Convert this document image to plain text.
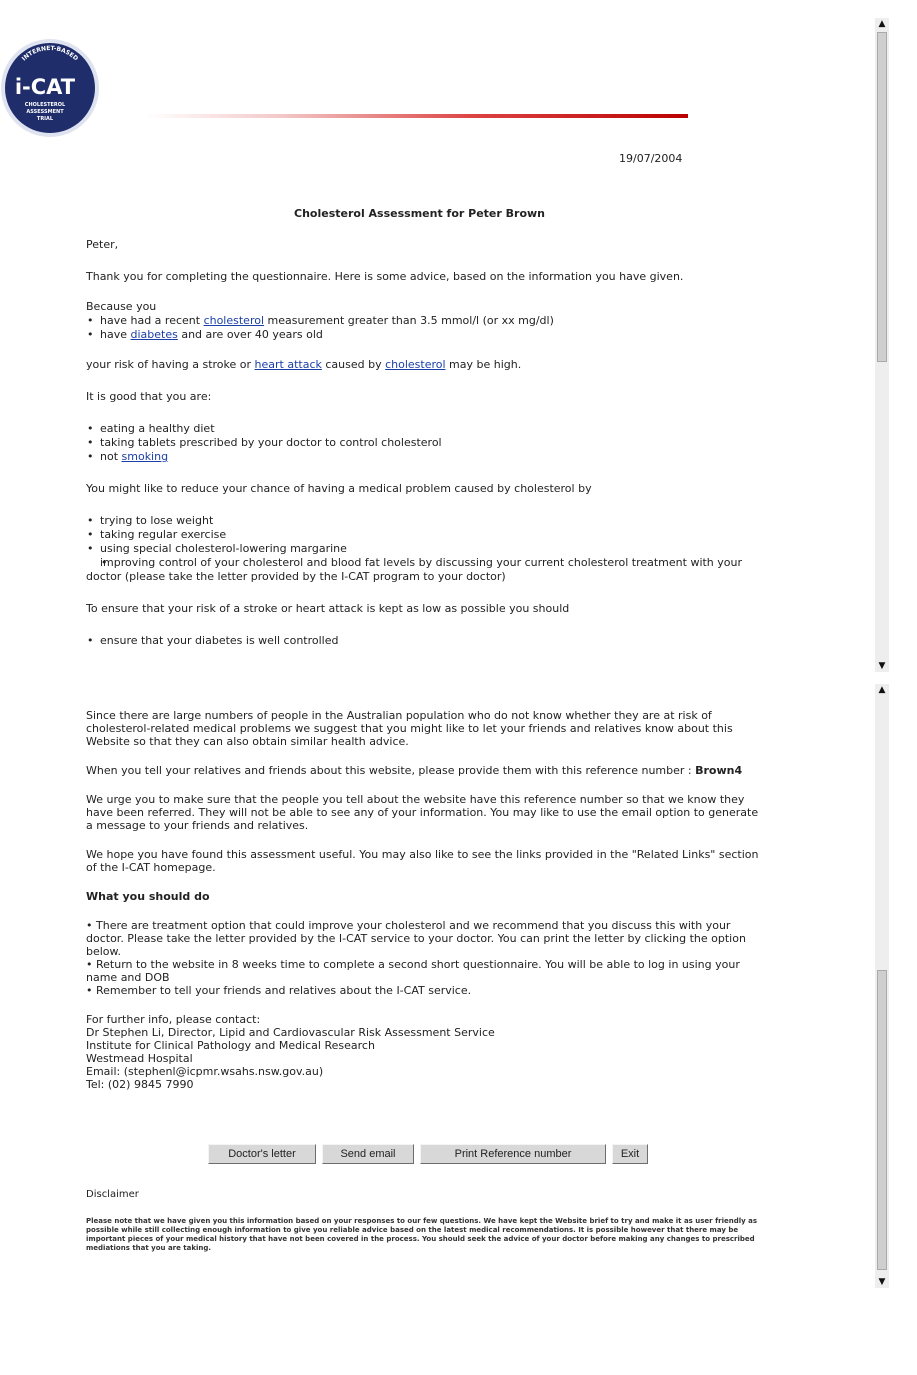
INTERNET-BASED
i-CAT
CHOLESTEROL
ASSESSMENT
TRIAL
19/07/2004
Cholesterol Assessment for Peter Brown

Peter,

Thank you for completing the questionnaire. Here is some advice, based on the information you have given.

Because you

• have had a recent cholesterol measurement greater than 3.5 mmol/l (or xx mg/dl)
• have diabetes and are over 40 years old

your risk of having a stroke or heart attack caused by cholesterol may be high.

It is good that you are:

• eating a healthy diet
• taking tablets prescribed by your doctor to control cholesterol
• not smoking

You might like to reduce your chance of having a medical problem caused by cholesterol by

• trying to lose weight
• taking regular exercise
• using special cholesterol-lowering margarine
• improving control of your cholesterol and blood fat levels by discussing your current cholesterol treatment with your doctor (please take the letter provided by the I-CAT program to your doctor)

To ensure that your risk of a stroke or heart attack is kept as low as possible you should

• ensure that your diabetes is well controlled

Since there are large numbers of people in the Australian population who do not know whether they are at risk of cholesterol-related medical problems we suggest that you might like to let your friends and relatives know about this Website so that they can also obtain similar health advice.

When you tell your relatives and friends about this website, please provide them with this reference number : Brown4

We urge you to make sure that the people you tell about the website have this reference number so that we know they have been referred. They will not be able to see any of your information. You may like to use the email option to generate a message to your friends and relatives.

We hope you have found this assessment useful. You may also like to see the links provided in the "Related Links" section of the I-CAT homepage.

What you should do

• There are treatment option that could improve your cholesterol and we recommend that you discuss this with your doctor. Please take the letter provided by the I-CAT service to your doctor. You can print the letter by clicking the option below.
• Return to the website in 8 weeks time to complete a second short questionnaire. You will be able to log in using your name and DOB
• Remember to tell your friends and relatives about the I-CAT service.

For further info, please contact:

Dr Stephen Li, Director, Lipid and Cardiovascular Risk Assessment Service

Institute for Clinical Pathology and Medical Research

Westmead Hospital

Email: (stephenl@icpmr.wsahs.nsw.gov.au)

Tel: (02) 9845 7990

Doctor's letter	Send email	Print Reference number	Exit
Disclaimer
Please note that we have given you this information based on your responses to our few questions. We have kept the Website brief to try and make it as user friendly as possible while still collecting enough information to give you reliable advice based on the latest medical recommendations. It is possible however that there may be important pieces of your medical history that have not been covered in the process. You should seek the advice of your doctor before making any changes to prescribed mediations that you are taking.
▲
▼
▲
▼
